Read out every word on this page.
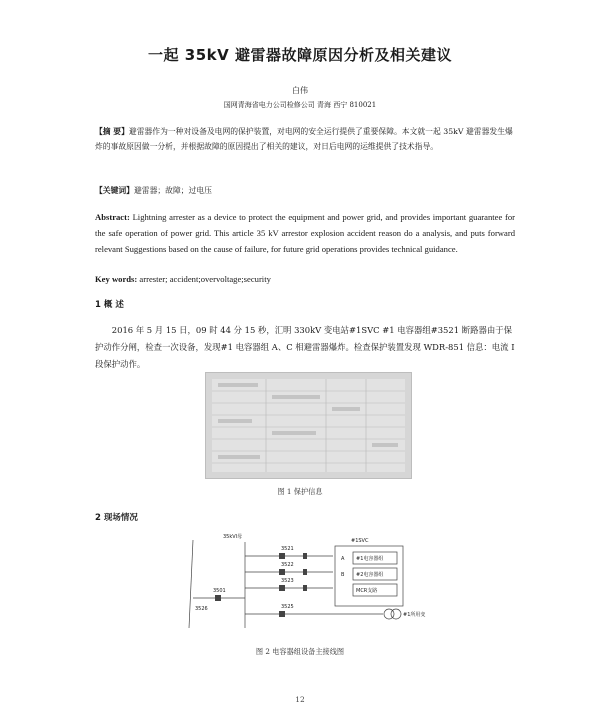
一起 35kV 避雷器故障原因分析及相关建议
白伟
国网青海省电力公司检修公司 青海 西宁 810021
【摘 要】避雷器作为一种对设备及电网的保护装置，对电网的安全运行提供了重要保障。本文就一起 35kV 避雷器发生爆炸的事故原因做一分析，并根据故障的原因提出了相关的建议，对日后电网的运维提供了技术指导。
【关键词】避雷器；故障；过电压
Abstract: Lightning arrester as a device to protect the equipment and power grid, and provides important guarantee for the safe operation of power grid. This article 35 kV arrestor explosion accident reason do a analysis, and puts forward relevant Suggestions based on the cause of failure, for future grid operations provides technical guidance.
Key words: arrester; accident;overvoltage;security
1 概 述
2016 年 5 月 15 日，09 时 44 分 15 秒，汇明 330kV 变电站#1SVC #1 电容器组#3521 断路器由于保护动作分闸，检查一次设备，发现#1 电容器组 A、C 相避雷器爆炸。检查保护装置发现 WDR-851 信息：电流 I 段保护动作。
图 1 保护信息
2 现场情况
35kVⅠ母
#1SVC
3521
3522
3523
3525
3501
3526
#1电容器组
#2电容器组
MCR支路
#1所用变
A
B
图 2 电容器组设备主接线图
12
